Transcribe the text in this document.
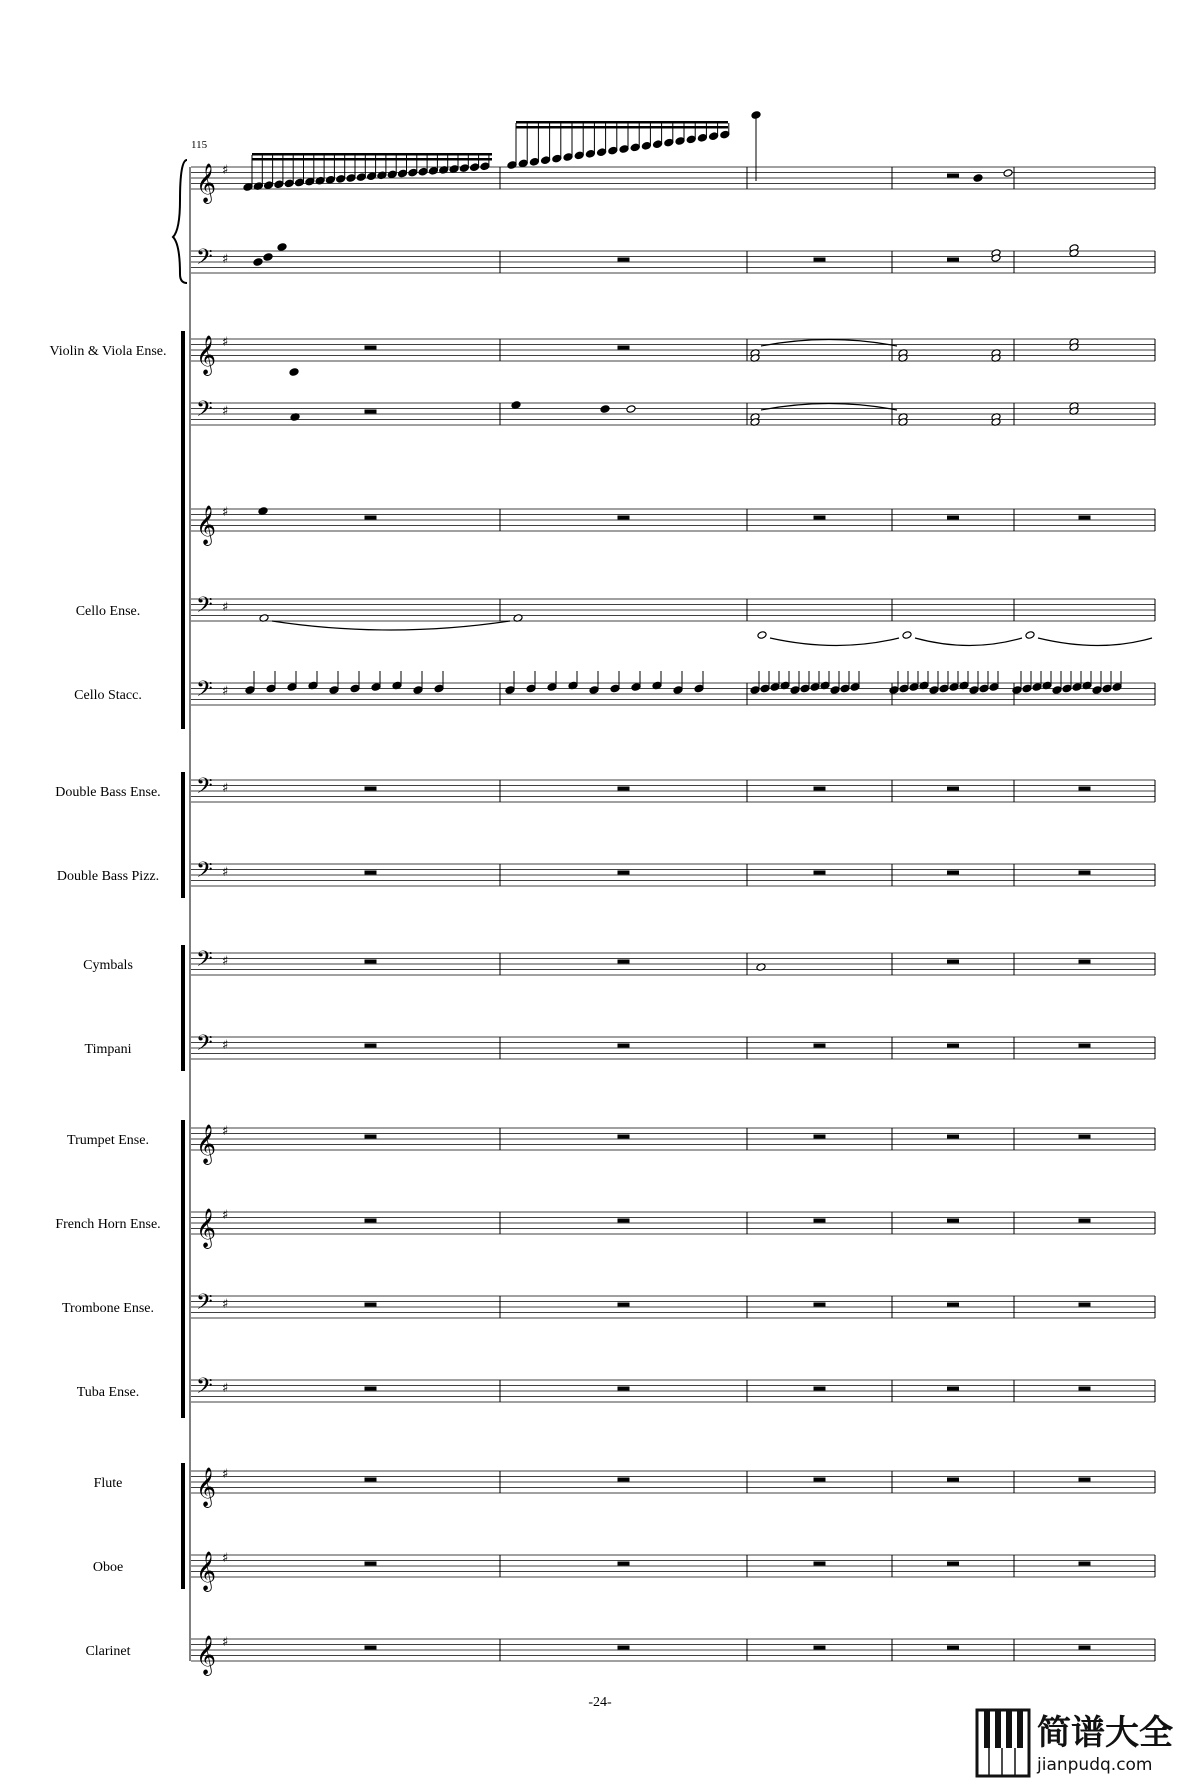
𝄞 ♯
𝄢 ♯
𝄞 ♯
𝄢 ♯
𝄞 ♯
𝄢 ♯
𝄢 ♯
𝄢 ♯
𝄢 ♯
𝄢 ♯
𝄢 ♯
𝄞 ♯
𝄞 ♯
𝄢 ♯
𝄢 ♯
𝄞 ♯
𝄞 ♯
𝄞 ♯
Violin & Viola Ense.
Cello Ense.
Cello Stacc.
Double Bass Ense.
Double Bass Pizz.
Cymbals
Timpani
Trumpet Ense.
French Horn Ense.
Trombone Ense.
Tuba Ense.
Flute
Oboe
Clarinet
115
-24-
简谱大全
jianpudq.com
